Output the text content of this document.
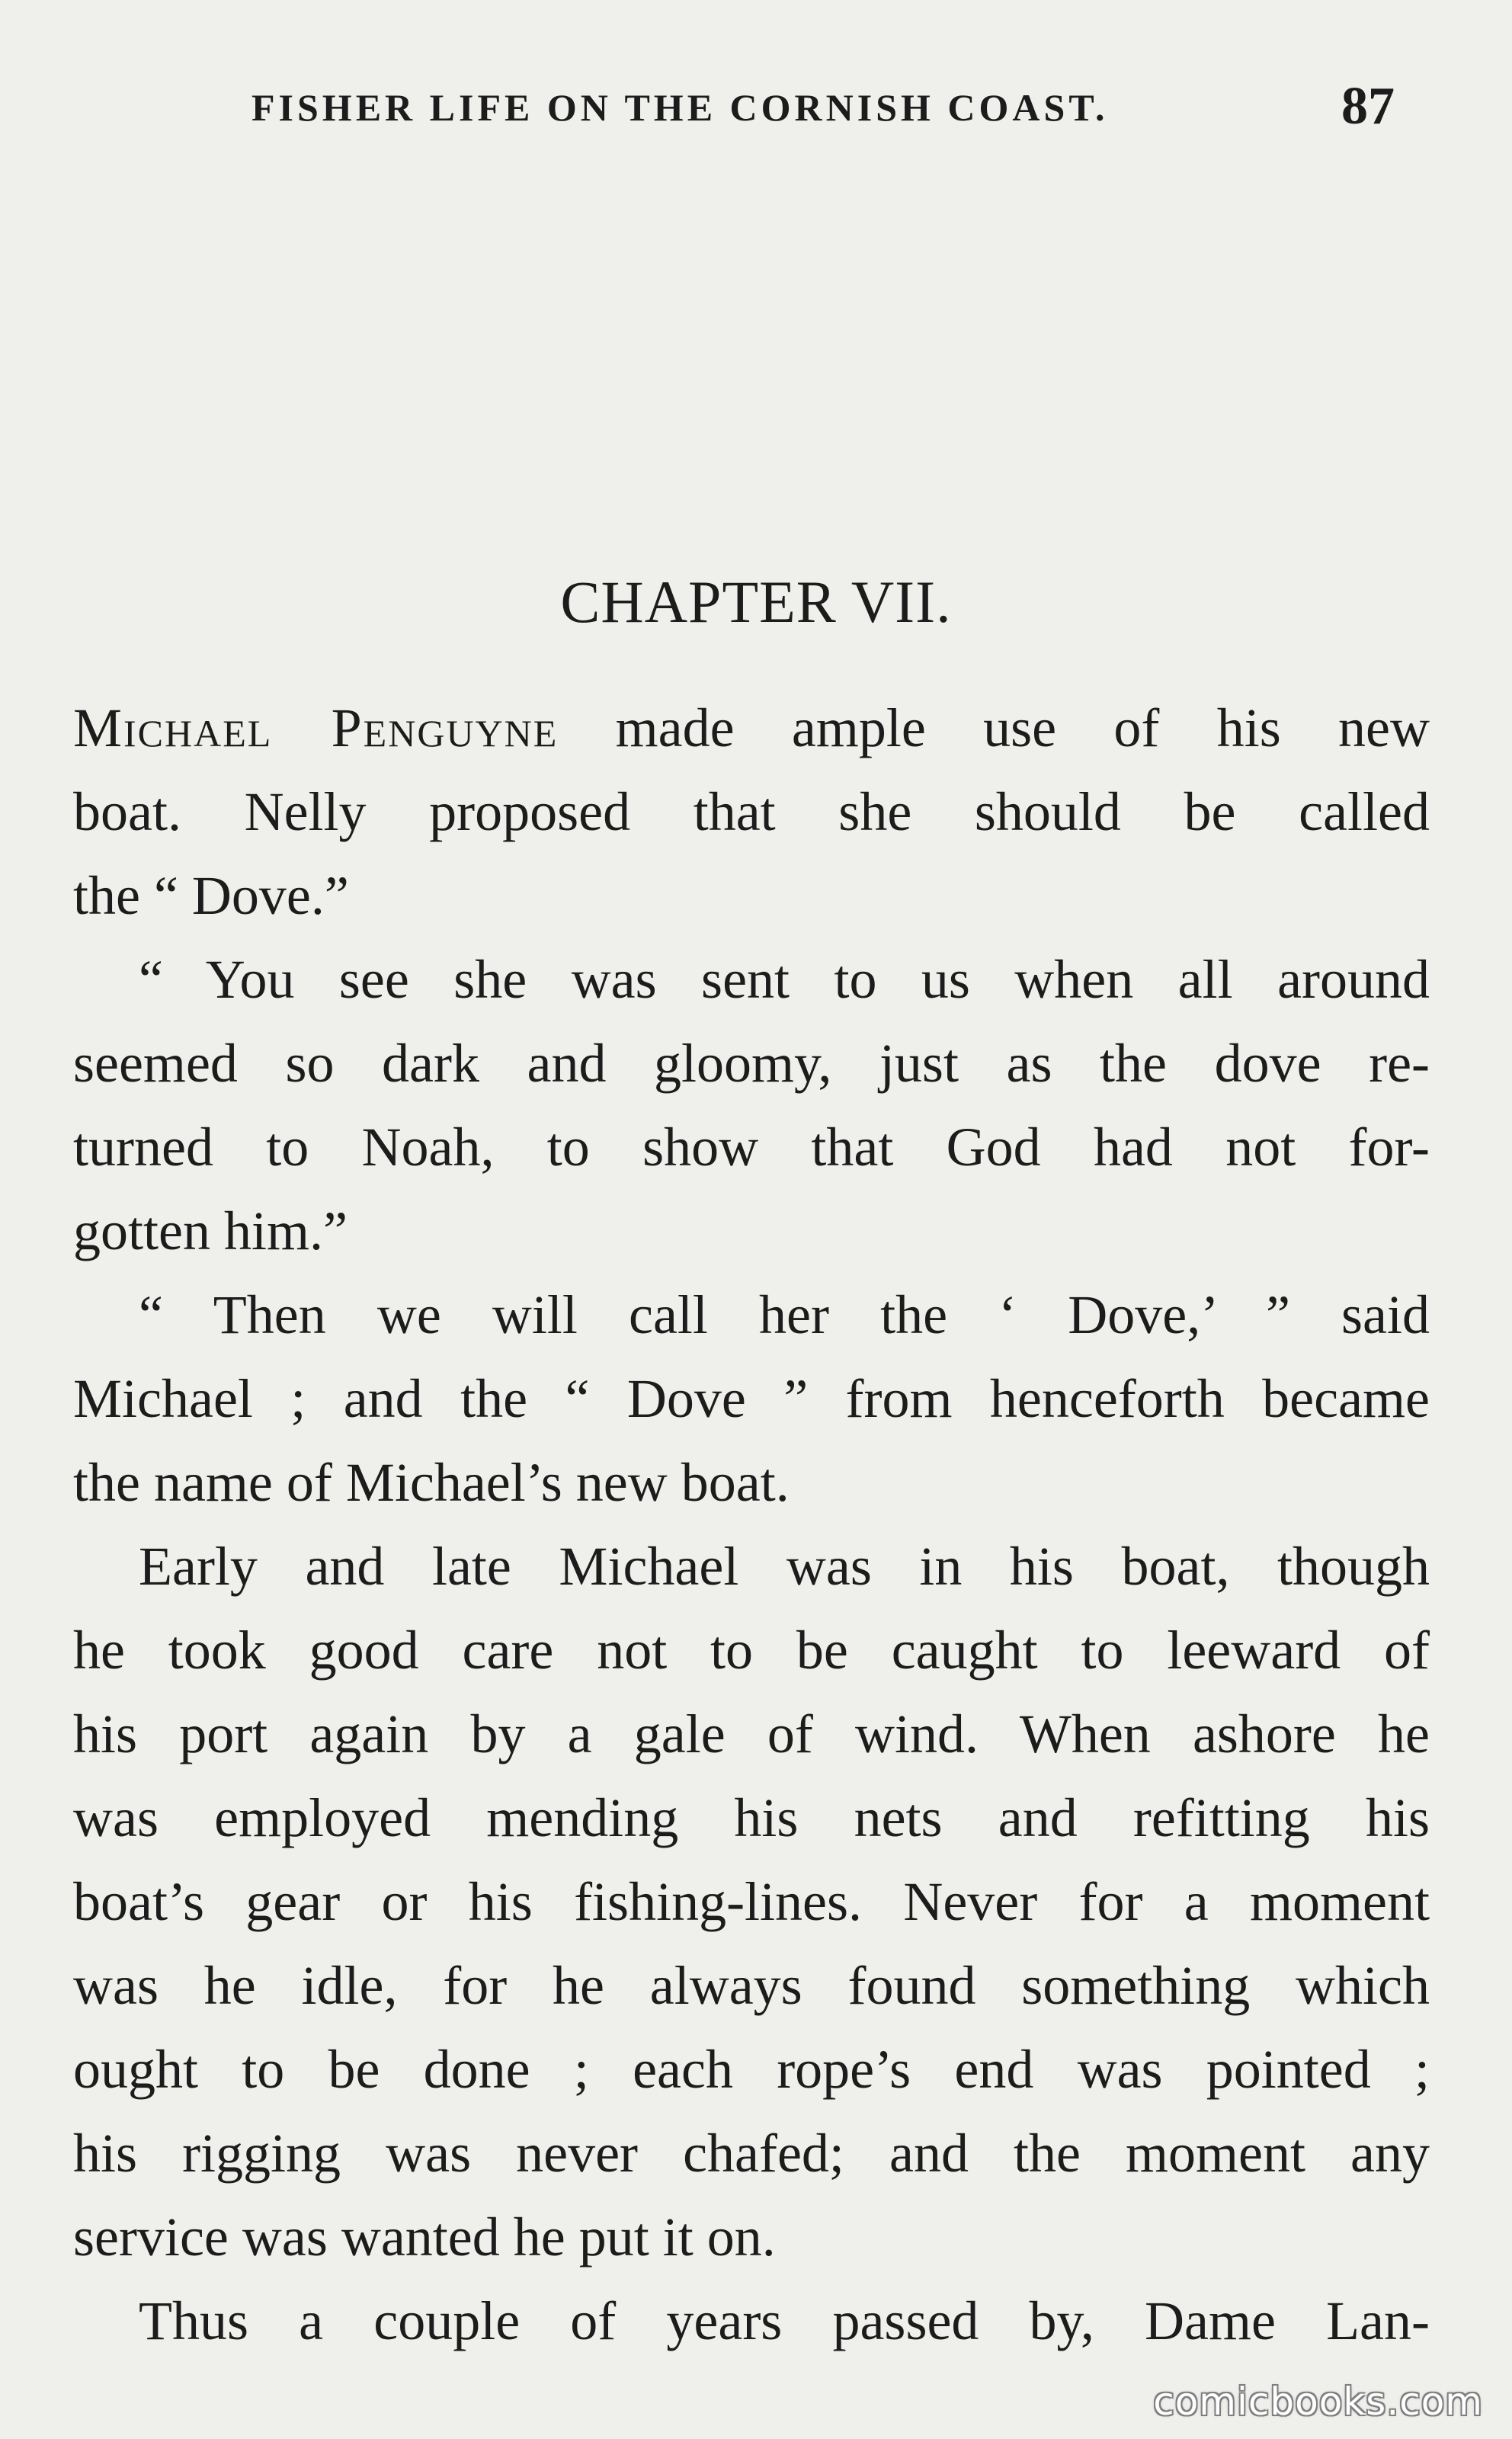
FISHER LIFE ON THE CORNISH COAST.	87
CHAPTER VII.
Michael Penguyne made ample use of his new
boat. Nelly proposed that she should be called
the “ Dove.”
“ You see she was sent to us when all around
seemed so dark and gloomy, just as the dove re-
turned to Noah, to show that God had not for-
gotten him.”
“ Then we will call her the ‘ Dove,’ ” said
Michael ; and the “ Dove ” from henceforth became
the name of Michael’s new boat.
Early and late Michael was in his boat, though
he took good care not to be caught to leeward of
his port again by a gale of wind. When ashore he
was employed mending his nets and refitting his
boat’s gear or his fishing-lines. Never for a moment
was he idle, for he always found something which
ought to be done ; each rope’s end was pointed ;
his rigging was never chafed; and the moment any
service was wanted he put it on.
Thus a couple of years passed by, Dame Lan-
comicbooks.com
